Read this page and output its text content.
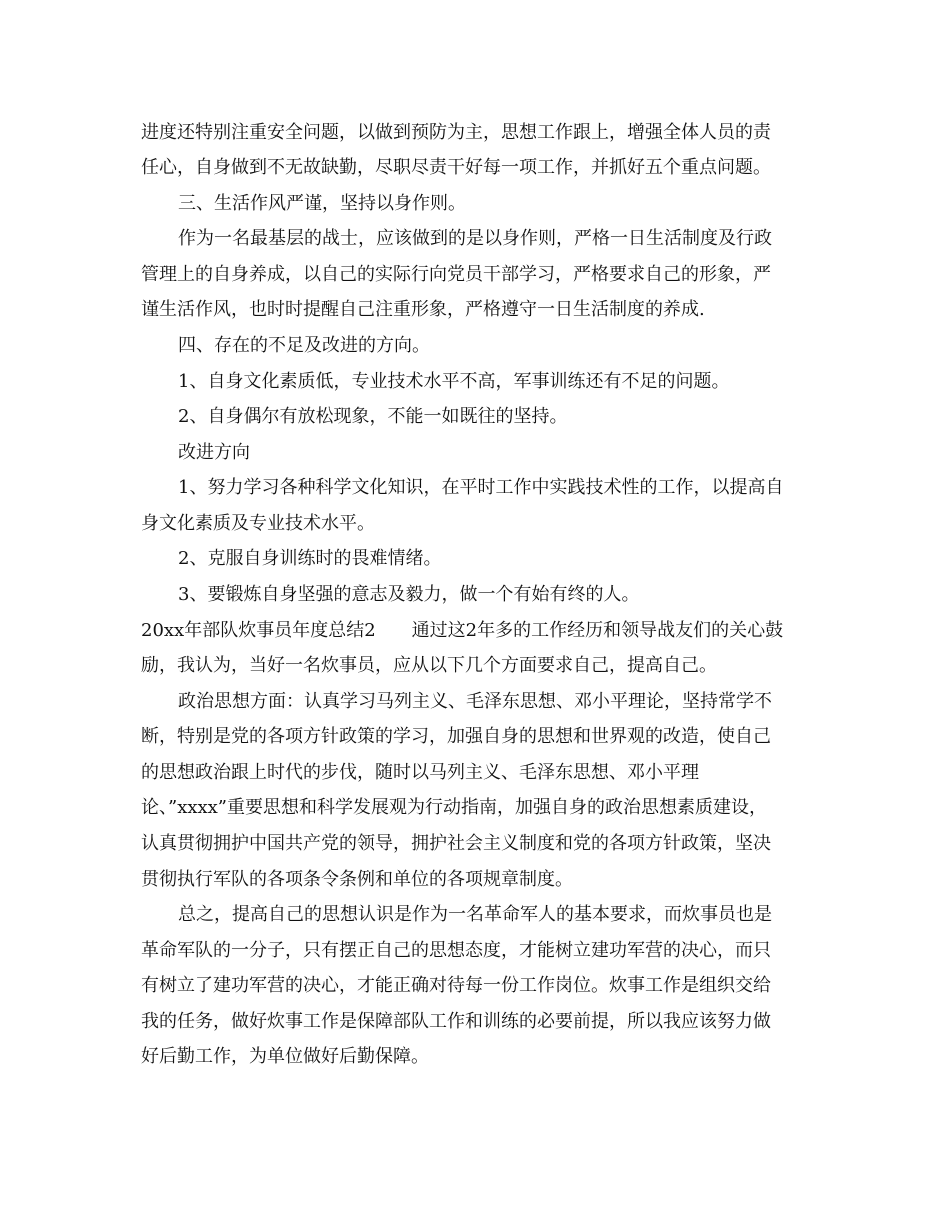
进度还特别注重安全问题，以做到预防为主，思想工作跟上，增强全体人员的责

任心，自身做到不无故缺勤，尽职尽责干好每一项工作，并抓好五个重点问题。

三、生活作风严谨，坚持以身作则。

作为一名最基层的战士，应该做到的是以身作则，严格一日生活制度及行政

管理上的自身养成，以自己的实际行向党员干部学习，严格要求自己的形象，严

谨生活作风，也时时提醒自己注重形象，严格遵守一日生活制度的养成.

四、存在的不足及改进的方向。

1、自身文化素质低，专业技术水平不高，军事训练还有不足的问题。

2、自身偶尔有放松现象，不能一如既往的坚持。

改进方向

1、努力学习各种科学文化知识，在平时工作中实践技术性的工作，以提高自

身文化素质及专业技术水平。

2、克服自身训练时的畏难情绪。

3、要锻炼自身坚强的意志及毅力，做一个有始有终的人。

20xx年部队炊事员年度总结2　　通过这2年多的工作经历和领导战友们的关心鼓

励，我认为，当好一名炊事员，应从以下几个方面要求自己，提高自己。

政治思想方面：认真学习马列主义、毛泽东思想、邓小平理论，坚持常学不

断，特别是党的各项方针政策的学习，加强自身的思想和世界观的改造，使自己

的思想政治跟上时代的步伐，随时以马列主义、毛泽东思想、邓小平理

论、”xxxx”重要思想和科学发展观为行动指南，加强自身的政治思想素质建设，

认真贯彻拥护中国共产党的领导，拥护社会主义制度和党的各项方针政策，坚决

贯彻执行军队的各项条令条例和单位的各项规章制度。

总之，提高自己的思想认识是作为一名革命军人的基本要求，而炊事员也是

革命军队的一分子，只有摆正自己的思想态度，才能树立建功军营的决心，而只

有树立了建功军营的决心，才能正确对待每一份工作岗位。炊事工作是组织交给

我的任务，做好炊事工作是保障部队工作和训练的必要前提，所以我应该努力做

好后勤工作，为单位做好后勤保障。
